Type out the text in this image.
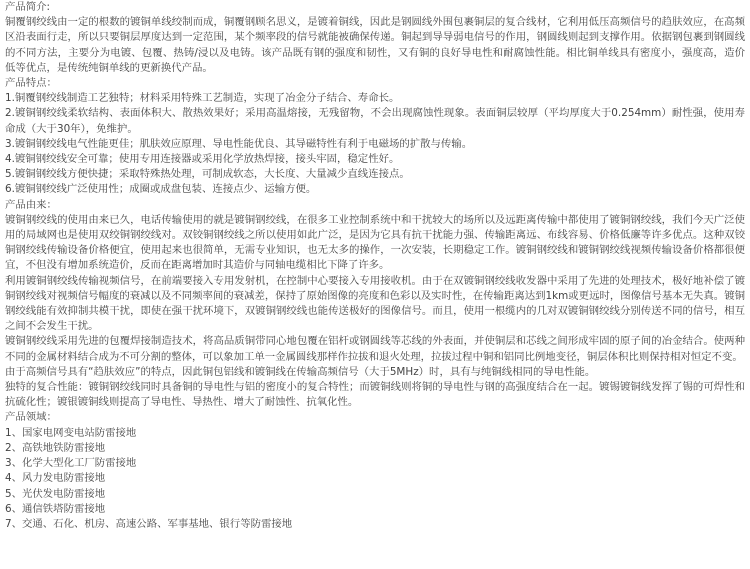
产品简介:

铜覆钢绞线由一定的根数的镀铜单线绞制而成，铜覆钢顾名思义，是镀着铜线，因此是钢圆线外围包裹铜层的复合线材，它利用低压高频信号的趋肤效应，在高频区沿表面行走，所以只要铜层厚度达到一定范围，某个频率段的信号就能被确保传递。铜起到导导弱电信号的作用，钢圆线则起到支撑作用。依据钢包裹到钢圆线的不同方法，主要分为电镀、包覆、热铸/浸以及电铸。该产品既有钢的强度和韧性，又有铜的良好导电性和耐腐蚀性能。相比铜单线具有密度小，强度高，造价低等优点，是传统纯铜单线的更新换代产品。

产品特点：

1.铜覆钢绞线制造工艺独特；材料采用特殊工艺制造，实现了冶金分子结合、寿命长。

2.镀铜钢绞线柔软结构、表面体积大、散热效果好；采用高温熔接，无残留物，不会出现腐蚀性现象。表面铜层较厚（平均厚度大于0.254mm）耐性强，使用寿命成（大于30年），免维护。

3.镀铜钢绞线电气性能更佳；肌肤效应原理、导电性能优良、其导磁特性有利于电磁场的扩散与传输。

4.镀铜钢绞线安全可靠；使用专用连接器或采用化学放热焊接，接头牢固，稳定性好。

5.镀铜钢绞线方便快捷；采取特殊热处理，可制成软态，大长度、大量减少直线连接点。

6.镀铜钢绞线广泛使用性；成圈或成盘包装、连接点少、运输方便。

产品由来：

镀铜钢绞线的使用由来已久，电话传输使用的就是镀铜钢绞线，在很多工业控制系统中和干扰较大的场所以及远距离传输中都使用了镀铜钢绞线，我们今天广泛使用的局域网也是使用双绞铜钢绞线对。双铰铜钢绞线之所以使用如此广泛，是因为它具有抗干扰能力强、传输距离远、布线容易、价格低廉等许多优点。这种双铰铜钢绞线传输设备价格便宜，使用起来也很简单，无需专业知识，也无太多的操作，一次安装，长期稳定工作。镀铜钢绞线和镀铜钢绞线视频传输设备价格都很便宜，不但没有增加系统造价，反而在距离增加时其造价与同轴电缆相比下降了许多。

利用镀铜钢绞线传输视频信号，在前端要接入专用发射机，在控制中心要接入专用接收机。由于在双镀铜钢绞线收发器中采用了先进的处理技术，极好地补偿了镀铜钢绞线对视频信号幅度的衰减以及不同频率间的衰减差，保持了原始图像的亮度和色彩以及实时性，在传输距离达到1km或更远时，图像信号基本无失真。镀铜钢绞线能有效抑制共模干扰，即使在强干扰环境下，双镀铜钢绞线也能传送极好的图像信号。而且，使用一根缆内的几对双镀铜钢绞线分别传送不同的信号，相互之间不会发生干扰。

镀铜钢绞线采用先进的包覆焊接制造技术，将高品质铜带同心地包覆在铝杆或钢圆线等芯线的外表面，并使铜层和芯线之间形成牢固的原子间的冶金结合。使两种不同的金属材料结合成为不可分割的整体，可以象加工单一金属圆线那样作拉拔和退火处理，拉拔过程中铜和铝同比例地变径，铜层体积比则保持相对恒定不变。

由于高频信号具有“趋肤效应”的特点，因此铜包铝线和镀铜线在传输高频信号（大于5MHz）时，具有与纯铜线相同的导电性能。

独特的复合性能：镀铜钢绞线同时具备铜的导电性与铝的密度小的复合特性；而镀铜线则将铜的导电性与钢的高强度结合在一起。镀锡镀铜线发挥了锡的可焊性和抗硫化性；镀银镀铜线则提高了导电性、导热性、增大了耐蚀性、抗氧化性。

产品领域：

1、国家电网变电站防雷接地

2、高铁地铁防雷接地

3、化学大型化工厂防雷接地

4、风力发电防雷接地

5、光伏发电防雷接地

6、通信铁塔防雷接地

7、交通、石化、机房、高速公路、军事基地、银行等防雷接地
